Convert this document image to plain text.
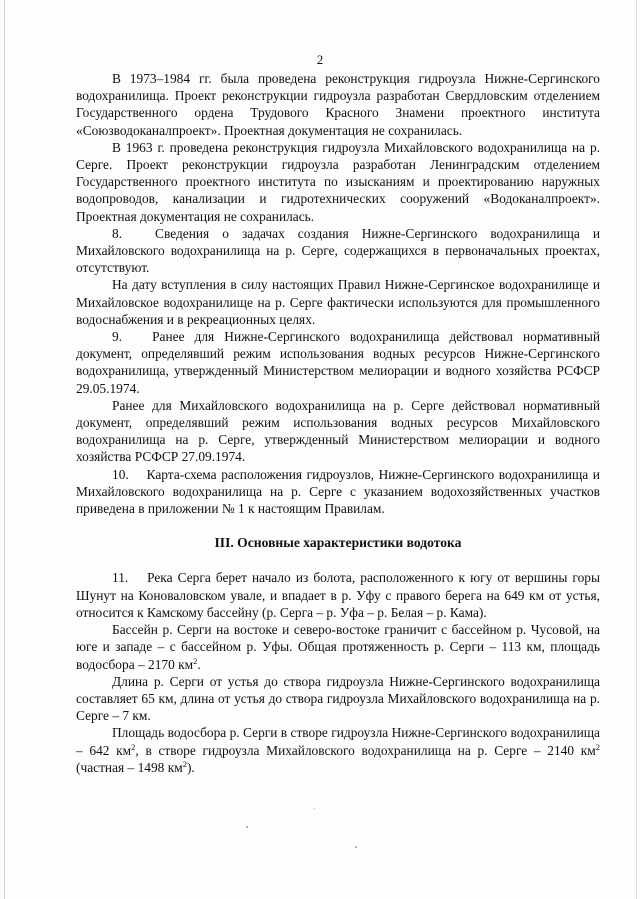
2

В 1973–1984 гг. была проведена реконструкция гидроузла Нижне-Сергинского водохранилища. Проект реконструкции гидроузла разработан Свердловским отделением Государственного ордена Трудового Красного Знамени проектного института «Союзводоканалпроект». Проектная документация не сохранилась.

В 1963 г. проведена реконструкция гидроузла Михайловского водохранилища на р. Серге. Проект реконструкции гидроузла разработан Ленинградским отделением Государственного проектного института по изысканиям и проектированию наружных водопроводов, канализации и гидротехнических сооружений «Водоканалпроект». Проектная документация не сохранилась.

8. Сведения о задачах создания Нижне-Сергинского водохранилища и Михайловского водохранилища на р. Серге, содержащихся в первоначальных проектах, отсутствуют.

На дату вступления в силу настоящих Правил Нижне-Сергинское водохранилище и Михайловское водохранилище на р. Серге фактически используются для промышленного водоснабжения и в рекреационных целях.

9. Ранее для Нижне-Сергинского водохранилища действовал нормативный документ, определявший режим использования водных ресурсов Нижне-Сергинского водохранилища, утвержденный Министерством мелиорации и водного хозяйства РСФСР 29.05.1974.

Ранее для Михайловского водохранилища на р. Серге действовал нормативный документ, определявший режим использования водных ресурсов Михайловского водохранилища на р. Серге, утвержденный Министерством мелиорации и водного хозяйства РСФСР 27.09.1974.

10. Карта-схема расположения гидроузлов, Нижне-Сергинского водохранилища и Михайловского водохранилища на р. Серге с указанием водохозяйственных участков приведена в приложении № 1 к настоящим Правилам.

III. Основные характеристики водотока

11. Река Серга берет начало из болота, расположенного к югу от вершины горы Шунут на Коноваловском увале, и впадает в р. Уфу с правого берега на 649 км от устья, относится к Камскому бассейну (р. Серга – р. Уфа – р. Белая – р. Кама).

Бассейн р. Серги на востоке и северо-востоке граничит с бассейном р. Чусовой, на юге и западе – с бассейном р. Уфы. Общая протяженность р. Серги – 113 км, площадь водосбора – 2170 $км^2$.

Длина р. Серги от устья до створа гидроузла Нижне-Сергинского водохранилища составляет 65 км, длина от устья до створа гидроузла Михайловского водохранилища на р. Серге – 7 км.

Площадь водосбора р. Серги в створе гидроузла Нижне-Сергинского водохранилища – 642 $км^2$, в створе гидроузла Михайловского водохранилища на р. Серге – 2140 $км^2$ (частная – 1498 $км^2$).
